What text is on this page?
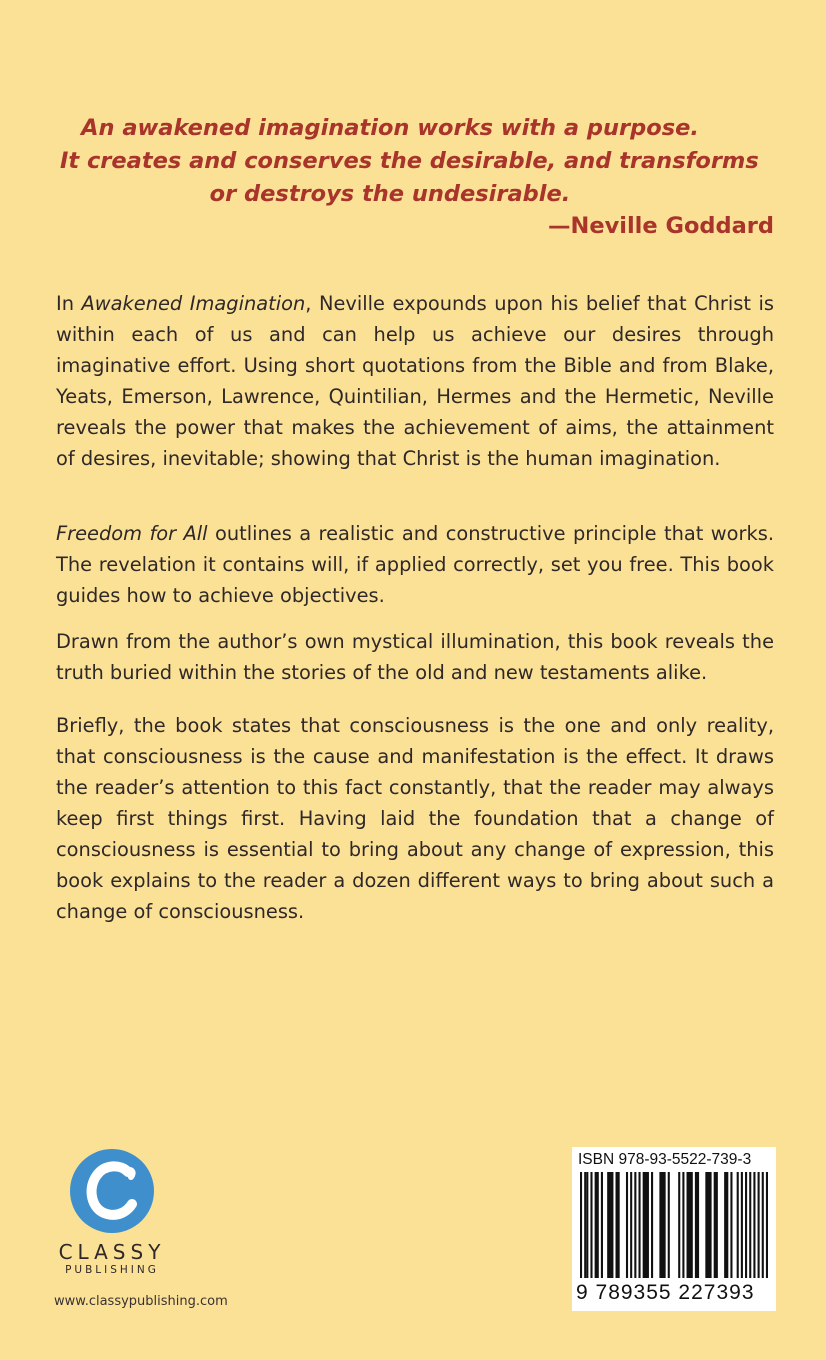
An awakened imagination works with a purpose.
It creates and conserves the desirable, and transforms
or destroys the undesirable.
—Neville Goddard

In Awakened Imagination, Neville expounds upon his belief that Christ is within each of us and can help us achieve our desires through imaginative effort. Using short quotations from the Bible and from Blake, Yeats, Emerson, Lawrence, Quintilian, Hermes and the Hermetic, Neville reveals the power that makes the achievement of aims, the attainment of desires, inevitable; showing that Christ is the human imagination.

Freedom for All outlines a realistic and constructive principle that works. The revelation it contains will, if applied correctly, set you free. This book guides how to achieve objectives.

Drawn from the author’s own mystical illumination, this book reveals the truth buried within the stories of the old and new testaments alike.

Briefly, the book states that consciousness is the one and only reality, that consciousness is the cause and manifestation is the effect. It draws the reader’s attention to this fact constantly, that the reader may always keep first things first. Having laid the foundation that a change of consciousness is essential to bring about any change of expression, this book explains to the reader a dozen different ways to bring about such a change of consciousness.

CLASSY
PUBLISHING
www.classypublishing.com
ISBN 978-93-5522-739-3
9 789355 227393
